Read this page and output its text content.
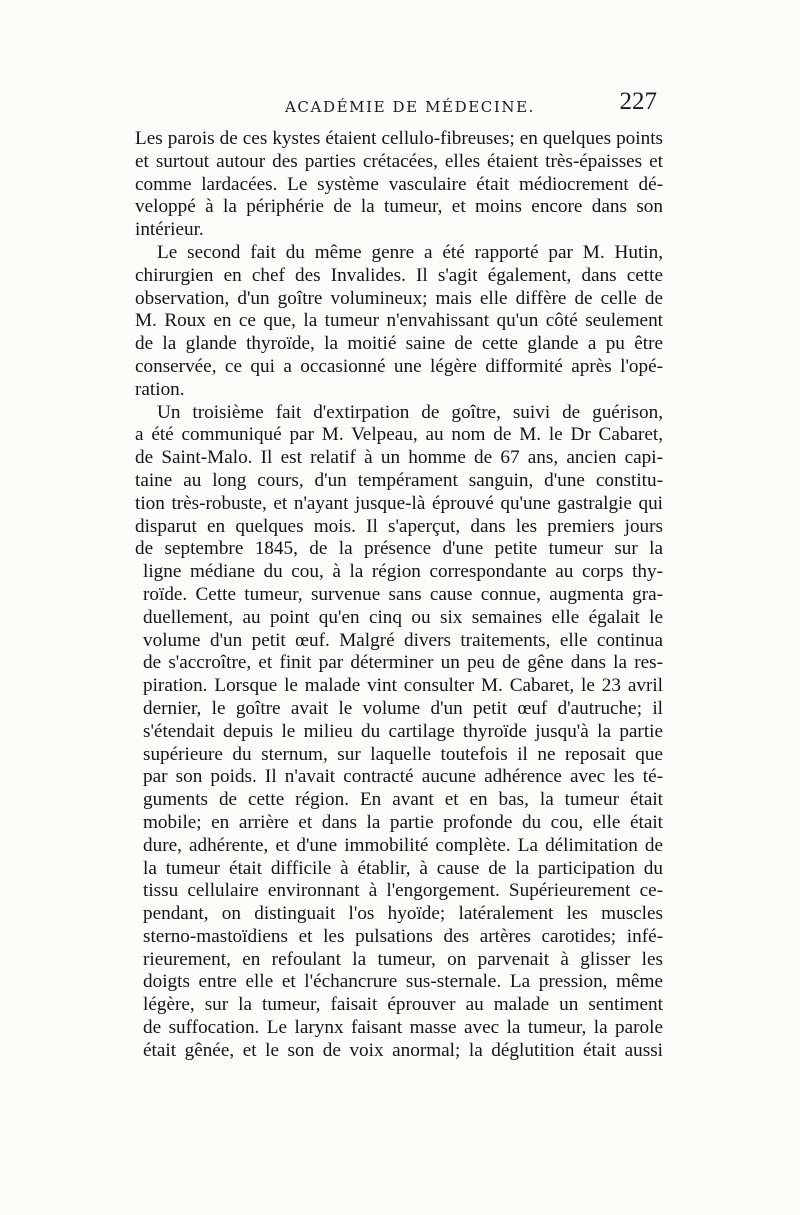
ACADÉMIE DE MÉDECINE.	227
Les parois de ces kystes étaient cellulo-fibreuses; en quelques points
et surtout autour des parties crétacées, elles étaient très-épaisses et
comme lardacées. Le système vasculaire était médiocrement dé-
veloppé à la périphérie de la tumeur, et moins encore dans son
intérieur.
Le second fait du même genre a été rapporté par M. Hutin,
chirurgien en chef des Invalides. Il s'agit également, dans cette
observation, d'un goître volumineux; mais elle diffère de celle de
M. Roux en ce que, la tumeur n'envahissant qu'un côté seulement
de la glande thyroïde, la moitié saine de cette glande a pu être
conservée, ce qui a occasionné une légère difformité après l'opé-
ration.
Un troisième fait d'extirpation de goître, suivi de guérison,
a été communiqué par M. Velpeau, au nom de M. le Dr Cabaret,
de Saint-Malo. Il est relatif à un homme de 67 ans, ancien capi-
taine au long cours, d'un tempérament sanguin, d'une constitu-
tion très-robuste, et n'ayant jusque-là éprouvé qu'une gastralgie qui
disparut en quelques mois. Il s'aperçut, dans les premiers jours
de septembre 1845, de la présence d'une petite tumeur sur la
ligne médiane du cou, à la région correspondante au corps thy-
roïde. Cette tumeur, survenue sans cause connue, augmenta gra-
duellement, au point qu'en cinq ou six semaines elle égalait le
volume d'un petit œuf. Malgré divers traitements, elle continua
de s'accroître, et finit par déterminer un peu de gêne dans la res-
piration. Lorsque le malade vint consulter M. Cabaret, le 23 avril
dernier, le goître avait le volume d'un petit œuf d'autruche; il
s'étendait depuis le milieu du cartilage thyroïde jusqu'à la partie
supérieure du sternum, sur laquelle toutefois il ne reposait que
par son poids. Il n'avait contracté aucune adhérence avec les té-
guments de cette région. En avant et en bas, la tumeur était
mobile; en arrière et dans la partie profonde du cou, elle était
dure, adhérente, et d'une immobilité complète. La délimitation de
la tumeur était difficile à établir, à cause de la participation du
tissu cellulaire environnant à l'engorgement. Supérieurement ce-
pendant, on distinguait l'os hyoïde; latéralement les muscles
sterno-mastoïdiens et les pulsations des artères carotides; infé-
rieurement, en refoulant la tumeur, on parvenait à glisser les
doigts entre elle et l'échancrure sus-sternale. La pression, même
légère, sur la tumeur, faisait éprouver au malade un sentiment
de suffocation. Le larynx faisant masse avec la tumeur, la parole
était gênée, et le son de voix anormal; la déglutition était aussi
